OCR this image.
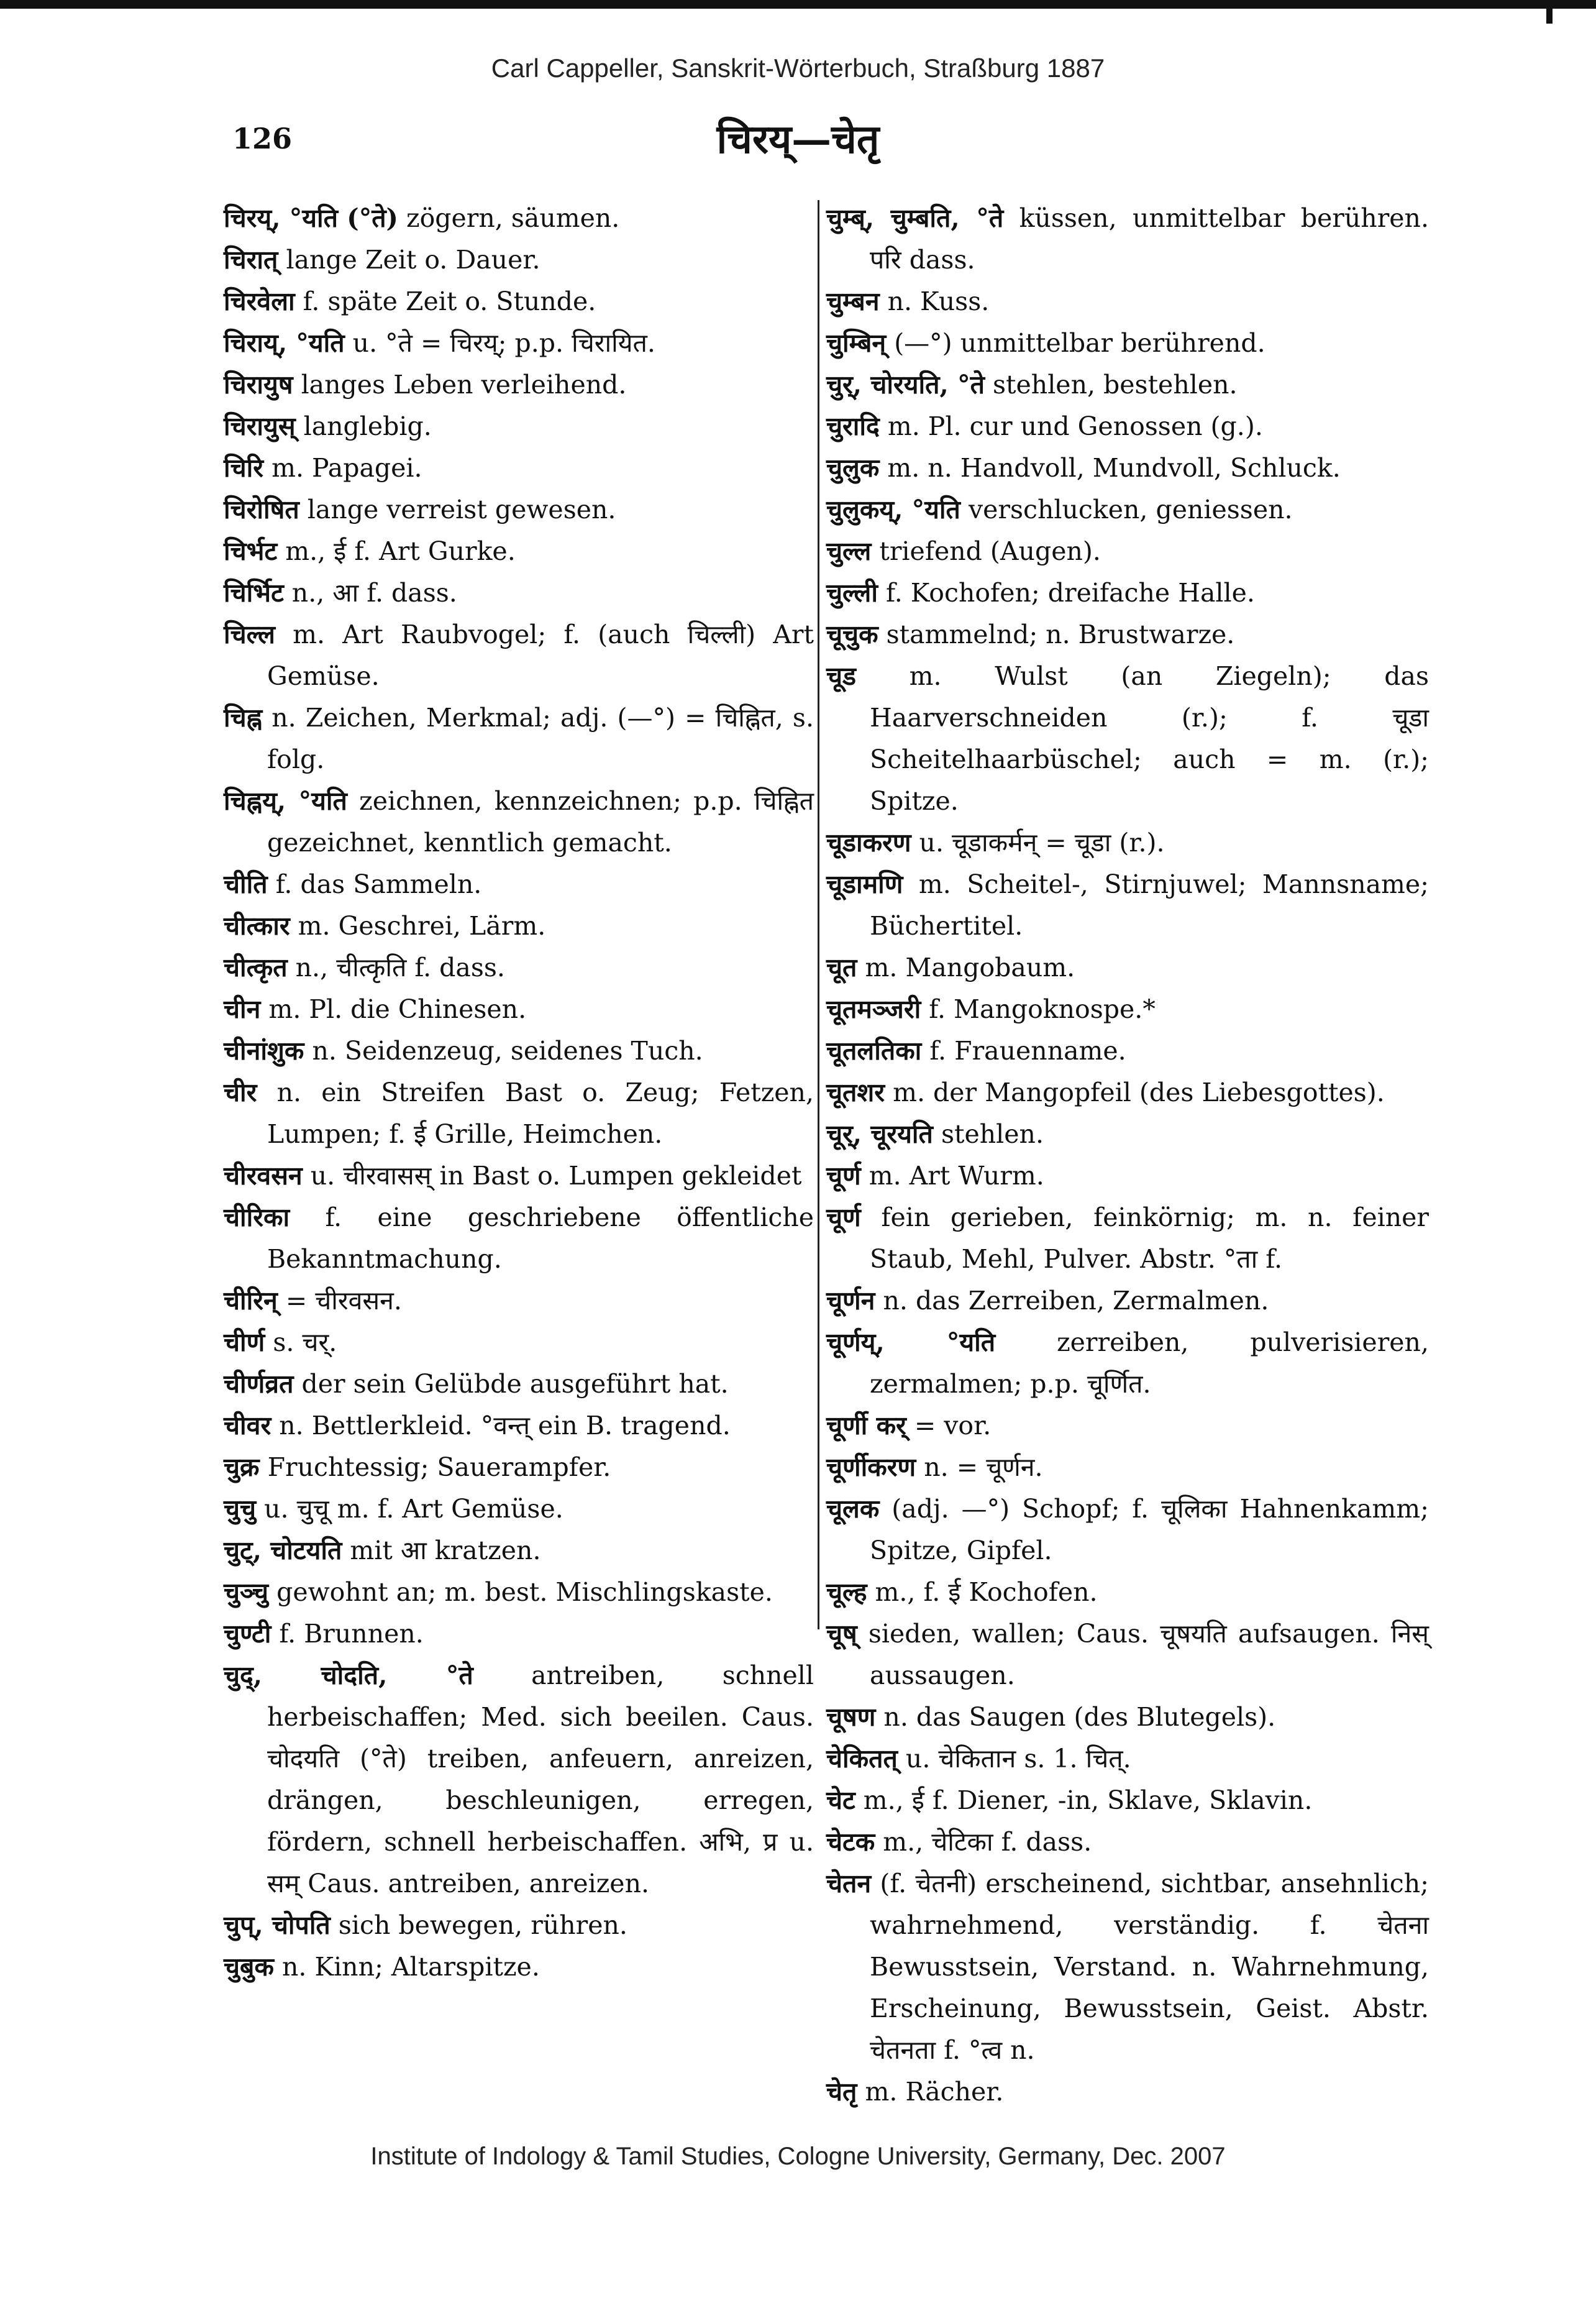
Carl Cappeller, Sanskrit-Wörterbuch, Straßburg 1887
126	चिरय्—चेतृ

चिरय्, °यति (°ते) zögern, säumen.

चिरात् lange Zeit o. Dauer.

चिरवेला f. späte Zeit o. Stunde.

चिराय्, °यति u. °ते = चिरय्; p.p. चिरायित.

चिरायुष langes Leben verleihend.

चिरायुस् langlebig.

चिरि m. Papagei.

चिरोषित lange verreist gewesen.

चिर्भट m., ई f. Art Gurke.

चिर्भिट n., आ f. dass.

चिल्ल m. Art Raubvogel; f. (auch चिल्ली) Art Gemüse.

चिह्न n. Zeichen, Merkmal; adj. (—°) = चिह्नित, s. folg.

चिह्नय्, °यति zeichnen, kennzeichnen; p.p. चिह्नित gezeichnet, kenntlich gemacht.

चीति f. das Sammeln.

चीत्कार m. Geschrei, Lärm.

चीत्कृत n., चीत्कृति f. dass.

चीन m. Pl. die Chinesen.

चीनांशुक n. Seidenzeug, seidenes Tuch.

चीर n. ein Streifen Bast o. Zeug; Fetzen, Lumpen; f. ई Grille, Heimchen.

चीरवसन u. चीरवासस् in Bast o. Lumpen gekleidet

चीरिका f. eine geschriebene öffentliche Bekanntmachung.

चीरिन् = चीरवसन.

चीर्ण s. चर्.

चीर्णव्रत der sein Gelübde ausgeführt hat.

चीवर n. Bettlerkleid. °वन्त् ein B. tragend.

चुक्र Fruchtessig; Sauerampfer.

चुचु u. चुचू m. f. Art Gemüse.

चुट्, चोटयति mit आ kratzen.

चुञ्चु gewohnt an; m. best. Mischlingskaste.

चुण्टी f. Brunnen.

चुद्, चोदति, °ते antreiben, schnell herbeischaffen; Med. sich beeilen. Caus. चोदयति (°ते) treiben, anfeuern, anreizen, drängen, beschleunigen, erregen, fördern, schnell herbeischaffen. अभि, प्र u. सम् Caus. antreiben, anreizen.

चुप्, चोपति sich bewegen, rühren.

चुबुक n. Kinn; Altarspitze.

चुम्ब्, चुम्बति, °ते küssen, unmittelbar berühren. परि dass.

चुम्बन n. Kuss.

चुम्बिन् (—°) unmittelbar berührend.

चुर्, चोरयति, °ते stehlen, bestehlen.

चुरादि m. Pl. cur und Genossen (g.).

चुलुक m. n. Handvoll, Mundvoll, Schluck.

चुलुकय्, °यति verschlucken, geniessen.

चुल्ल triefend (Augen).

चुल्ली f. Kochofen; dreifache Halle.

चूचुक stammelnd; n. Brustwarze.

चूड m. Wulst (an Ziegeln); das Haarverschneiden (r.); f. चूडा Scheitelhaarbüschel; auch = m. (r.); Spitze.

चूडाकरण u. चूडाकर्मन् = चूडा (r.).

चूडामणि m. Scheitel-, Stirnjuwel; Mannsname; Büchertitel.

चूत m. Mangobaum.

चूतमञ्जरी f. Mangoknospe.*

चूतलतिका f. Frauenname.

चूतशर m. der Mangopfeil (des Liebesgottes).

चूर्, चूरयति stehlen.

चूर्ण m. Art Wurm.

चूर्ण fein gerieben, feinkörnig; m. n. feiner Staub, Mehl, Pulver. Abstr. °ता f.

चूर्णन n. das Zerreiben, Zermalmen.

चूर्णय्, °यति zerreiben, pulverisieren, zermalmen; p.p. चूर्णित.

चूर्णी कर् = vor.

चूर्णीकरण n. = चूर्णन.

चूलक (adj. —°) Schopf; f. चूलिका Hahnenkamm; Spitze, Gipfel.

चूल्ह m., f. ई Kochofen.

चूष् sieden, wallen; Caus. चूषयति aufsaugen. निस् aussaugen.

चूषण n. das Saugen (des Blutegels).

चेकितत् u. चेकितान s. 1. चित्.

चेट m., ई f. Diener, -in, Sklave, Sklavin.

चेटक m., चेटिका f. dass.

चेतन (f. चेतनी) erscheinend, sichtbar, ansehnlich; wahrnehmend, verständig. f. चेतना Bewusstsein, Verstand. n. Wahrnehmung, Erscheinung, Bewusstsein, Geist. Abstr. चेतनता f. °त्व n.

चेतृ m. Rächer.

Institute of Indology & Tamil Studies, Cologne University, Germany, Dec. 2007
